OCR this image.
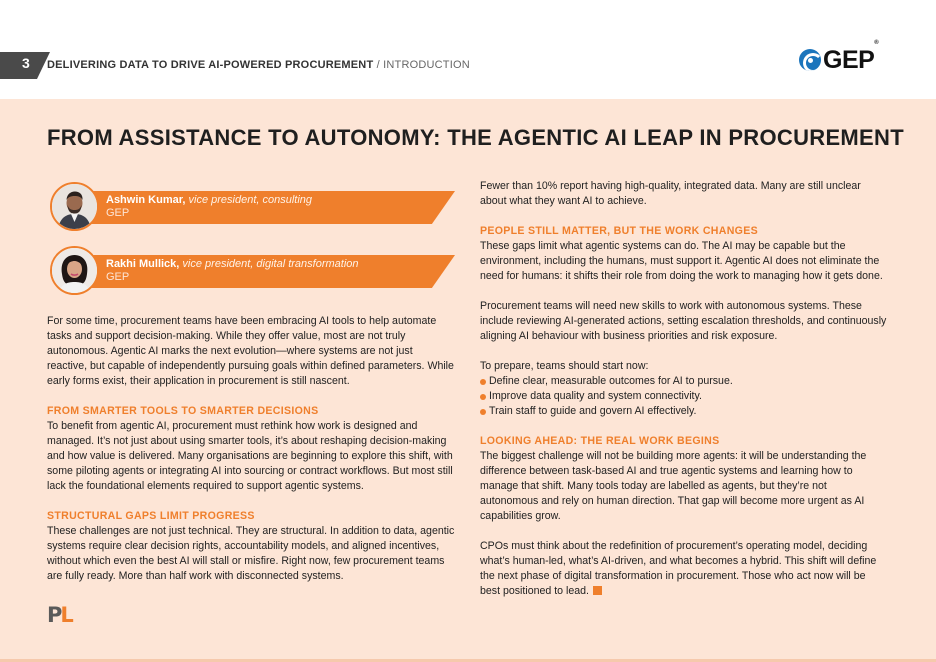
3 DELIVERING DATA TO DRIVE AI-POWERED PROCUREMENT / INTRODUCTION	GEP®
FROM ASSISTANCE TO AUTONOMY: THE AGENTIC AI LEAP IN PROCUREMENT
Ashwin Kumar, vice president, consulting
GEP
Rakhi Mullick, vice president, digital transformation
GEP

For some time, procurement teams have been embracing AI tools to help automate tasks and support decision-making. While they offer value, most are not truly autonomous. Agentic AI marks the next evolution—where systems are not just reactive, but capable of independently pursuing goals within defined parameters. While early forms exist, their application in procurement is still nascent.

FROM SMARTER TOOLS TO SMARTER DECISIONS

To benefit from agentic AI, procurement must rethink how work is designed and managed. It’s not just about using smarter tools, it’s about reshaping decision-making and how value is delivered. Many organisations are beginning to explore this shift, with some piloting agents or integrating AI into sourcing or contract workflows. But most still lack the foundational elements required to support agentic systems.

STRUCTURAL GAPS LIMIT PROGRESS

These challenges are not just technical. They are structural. In addition to data, agentic systems require clear decision rights, accountability models, and aligned incentives, without which even the best AI will stall or misfire. Right now, few procurement teams are fully ready. More than half work with disconnected systems.

Fewer than 10% report having high-quality, integrated data. Many are still unclear about what they want AI to achieve.

PEOPLE STILL MATTER, BUT THE WORK CHANGES

These gaps limit what agentic systems can do. The AI may be capable but the environment, including the humans, must support it. Agentic AI does not eliminate the need for humans: it shifts their role from doing the work to managing how it gets done.

Procurement teams will need new skills to work with autonomous systems. These include reviewing AI-generated actions, setting escalation thresholds, and continuously aligning AI behaviour with business priorities and risk exposure.

To prepare, teams should start now:
Define clear, measurable outcomes for AI to pursue.
Improve data quality and system connectivity.
Train staff to guide and govern AI effectively.
LOOKING AHEAD: THE REAL WORK BEGINS

The biggest challenge will not be building more agents: it will be understanding the difference between task-based AI and true agentic systems and learning how to manage that shift. Many tools today are labelled as agents, but they’re not autonomous and rely on human direction. That gap will become more urgent as AI capabilities grow.

CPOs must think about the redefinition of procurement’s operating model, deciding what’s human-led, what’s AI-driven, and what becomes a hybrid. This shift will define the next phase of digital transformation in procurement. Those who act now will be best positioned to lead.

PL
